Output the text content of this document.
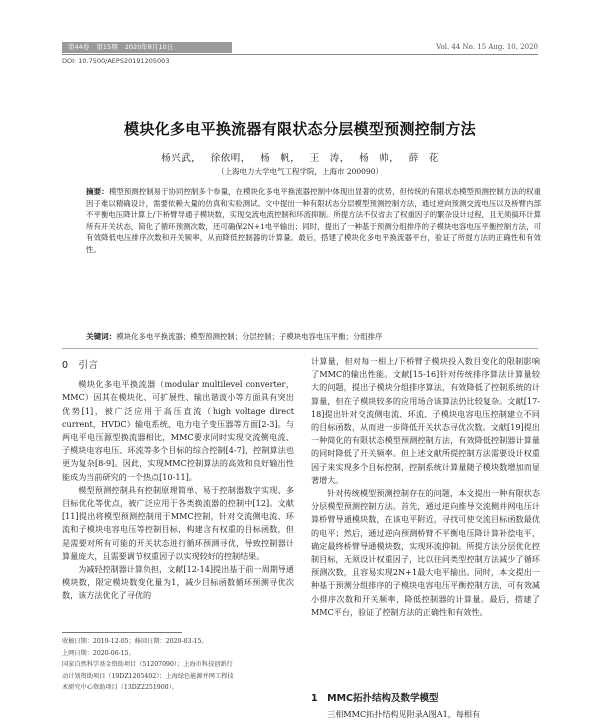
第44卷 第15期 2020年8月10日	Vol. 44 No. 15 Aug. 10, 2020
DOI: 10.7500/AEPS20191205003
模块化多电平换流器有限状态分层模型预测控制方法
杨兴武， 徐依明， 杨　帆， 王　涛， 杨　帅， 薛　花
（上海电力大学电气工程学院，上海市 200090）
摘要：模型预测控制易于协同控制多个参量，在模块化多电平换流器控制中体现出显著的优势，但传统的有限状态模型预测控制方法的权重因子难以精确设计，需要依赖大量的仿真和实验测试。文中提出一种有限状态分层模型预测控制方法，通过逆向预测交流电压以及桥臂内部不平衡电压降计算上/下桥臂导通子模块数，实现交流电流控制和环流抑制。所提方法不仅省去了权重因子的繁杂设计过程，且无须搞环计算所有开关状态，简化了循环预测次数，还可确保2N+1电平输出；同时，提出了一种基于预测分组排序的子模块电容电压平衡控制方法，可有效降低电压排序次数和开关频率，从而降低控制器的计算量。最后，搭建了模块化多电平换流器平台，验证了所提方法的正确性和有效性。
关键词：模块化多电平换流器；模型预测控制；分层控制；子模块电容电压平衡；分组排序
0　引言

模块化多电平换流器（modular multilevel converter，MMC）因其在模块化、可扩展性、输出谐波小等方面具有突出优势[1]，被广泛应用于高压直流（high voltage direct current，HVDC）输电系统、电力电子变压器等方面[2-3]。与两电平电压源型换流器相比，MMC要求同时实现交流侧电流、子模块电容电压、环流等多个目标的综合控制[4-7]，控制算法也更为复杂[8-9]。因此，实现MMC控制算法的高效和良好输出性能成为当前研究的一个热点[10-11]。

模型预测控制具有控制原理简单、易于控制器数字实现、多目标优化等优点，被广泛应用于各类换流器的控制中[12]。文献[11]提出将模型预测控制用于MMC控制，针对交流侧电流、环流和子模块电容电压等控制目标，构建含有权重的目标函数，但是需要对所有可能的开关状态进行循环预测寻优，导致控制器计算量庞大，且需要调节权重因子以实现较好的控制结果。

为减轻控制器计算负担，文献[12-14]提出基于前一周期导通模块数，限定模块数变化量为1，减少目标函数循环预测寻优次数，该方法优化了寻优的

计算量，但对每一相上/下桥臂子模块投入数目变化的限制影响了MMC的输出性能。文献[15-16]针对传统排序算法计算量较大的问题，提出子模块分组排序算法，有效降低了控制系统的计算量，但在子模块较多的应用场合该算法仍比较复杂。文献[17-18]提出针对交流侧电流、环流、子模块电容电压控制建立不同的目标函数，从而进一步降低开关状态寻优次数。文献[19]提出一种简化的有限状态模型预测控制方法，有效降低控制器计算量的同时降低了开关频率。但上述文献所提控制方法需要设计权重因子来实现多个目标控制，控制系统计算量随子模块数增加而显著增大。

针对传统模型预测控制存在的问题，本文提出一种有限状态分层模型预测控制方法。首先，通过逆向推导交流侧并网电压计算桥臂导通模块数，在该电平附近，寻找可使交流目标函数最优的电平；然后，通过逆向预测桥臂不平衡电压降计算补偿电平，确定最终桥臂导通模块数，实现环流抑制。所提方法分层优化控制目标，无须设计权重因子，比以往同类型控制方法减少了循环预测次数，且容易实现2N+1最大电平输出。同时，本文提出一种基于预测分组排序的子模块电容电压平衡控制方法，可有效减小排序次数和开关频率，降低控制器的计算量。最后，搭建了MMC平台，验证了控制方法的正确性和有效性。

收稿日期：2019-12-05；修回日期：2020-03-15。
上网日期：2020-06-15。
国家自然科学基金资助项目（51207090）；上海市科技创新行
动计划资助项目（19DZ1205402）；上海绿色能源并网工程技
术研究中心资助项目（13DZ2251900）。
1　MMC拓扑结构及数学模型
三相MMC拓扑结构见附录A图A1，每相有
